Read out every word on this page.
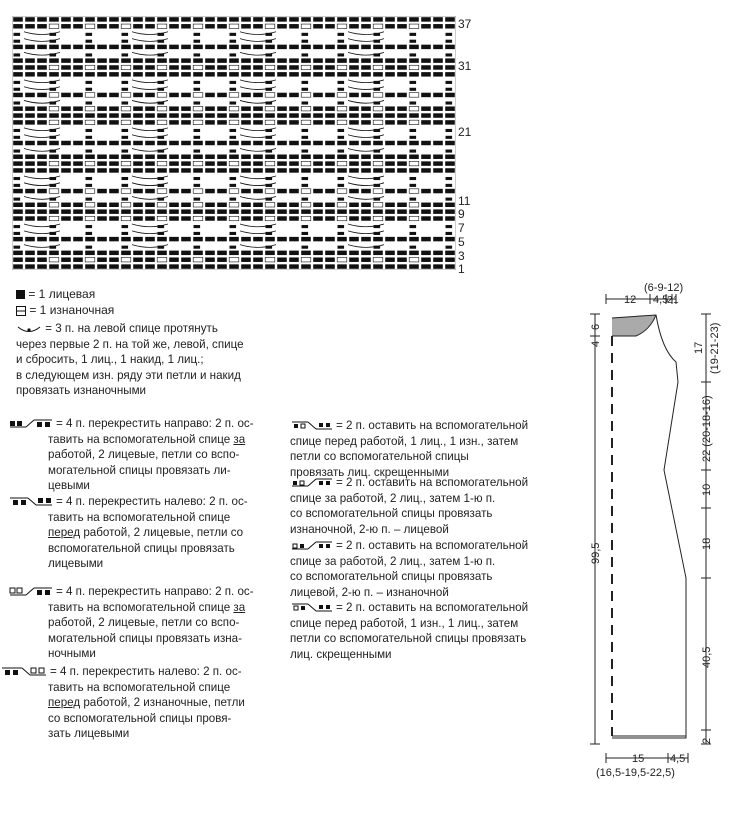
37
31
21
11
9
7
5
3
1
= 1 лицевая
= 1 изнаночная

= 3 п. на левой спице протянуть

через первые 2 п. на той же, левой, спице

и сбросить, 1 лиц., 1 накид, 1 лиц.;

в следующем изн. ряду эти петли и накид

провязать изнаночными

= 4 п. перекрестить направо: 2 п. ос-

тавить на вспомогательной спице за

работой, 2 лицевые, петли со вспо-

могательной спицы провязать ли-

цевыми

= 4 п. перекрестить налево: 2 п. ос-

тавить на вспомогательной спице

перед работой, 2 лицевые, петли со

вспомогательной спицы провязать

лицевыми

= 4 п. перекрестить направо: 2 п. ос-

тавить на вспомогательной спице за

работой, 2 лицевые, петли со вспо-

могательной спицы провязать изна-

ночными

= 4 п. перекрестить налево: 2 п. ос-

тавить на вспомогательной спице

перед работой, 2 изнаночные, петли

со вспомогательной спицы провя-

зать лицевыми

= 2 п. оставить на вспомогательной

спице перед работой, 1 лиц., 1 изн., затем

петли со вспомогательной спицы

провязать лиц. скрещенными

= 2 п. оставить на вспомогательной

спице за работой, 2 лиц., затем 1-ю п.

со вспомогательной спицы провязать

изнаночной, 2-ю п. – лицевой

= 2 п. оставить на вспомогательной

спице за работой, 2 лиц., затем 1-ю п.

со вспомогательной спицы провязать

лицевой, 2-ю п. – изнаночной

= 2 п. оставить на вспомогательной

спице перед работой, 1 изн., 1 лиц., затем

петли со вспомогательной спицы провязать

лиц. скрещенными

(6-9-12)
12 4,5
2 1
4
6
99,5
17 (19-21-23)
22 (20-18-16)
10
18
40,5
2
15 4,5
(16,5-19,5-22,5)
